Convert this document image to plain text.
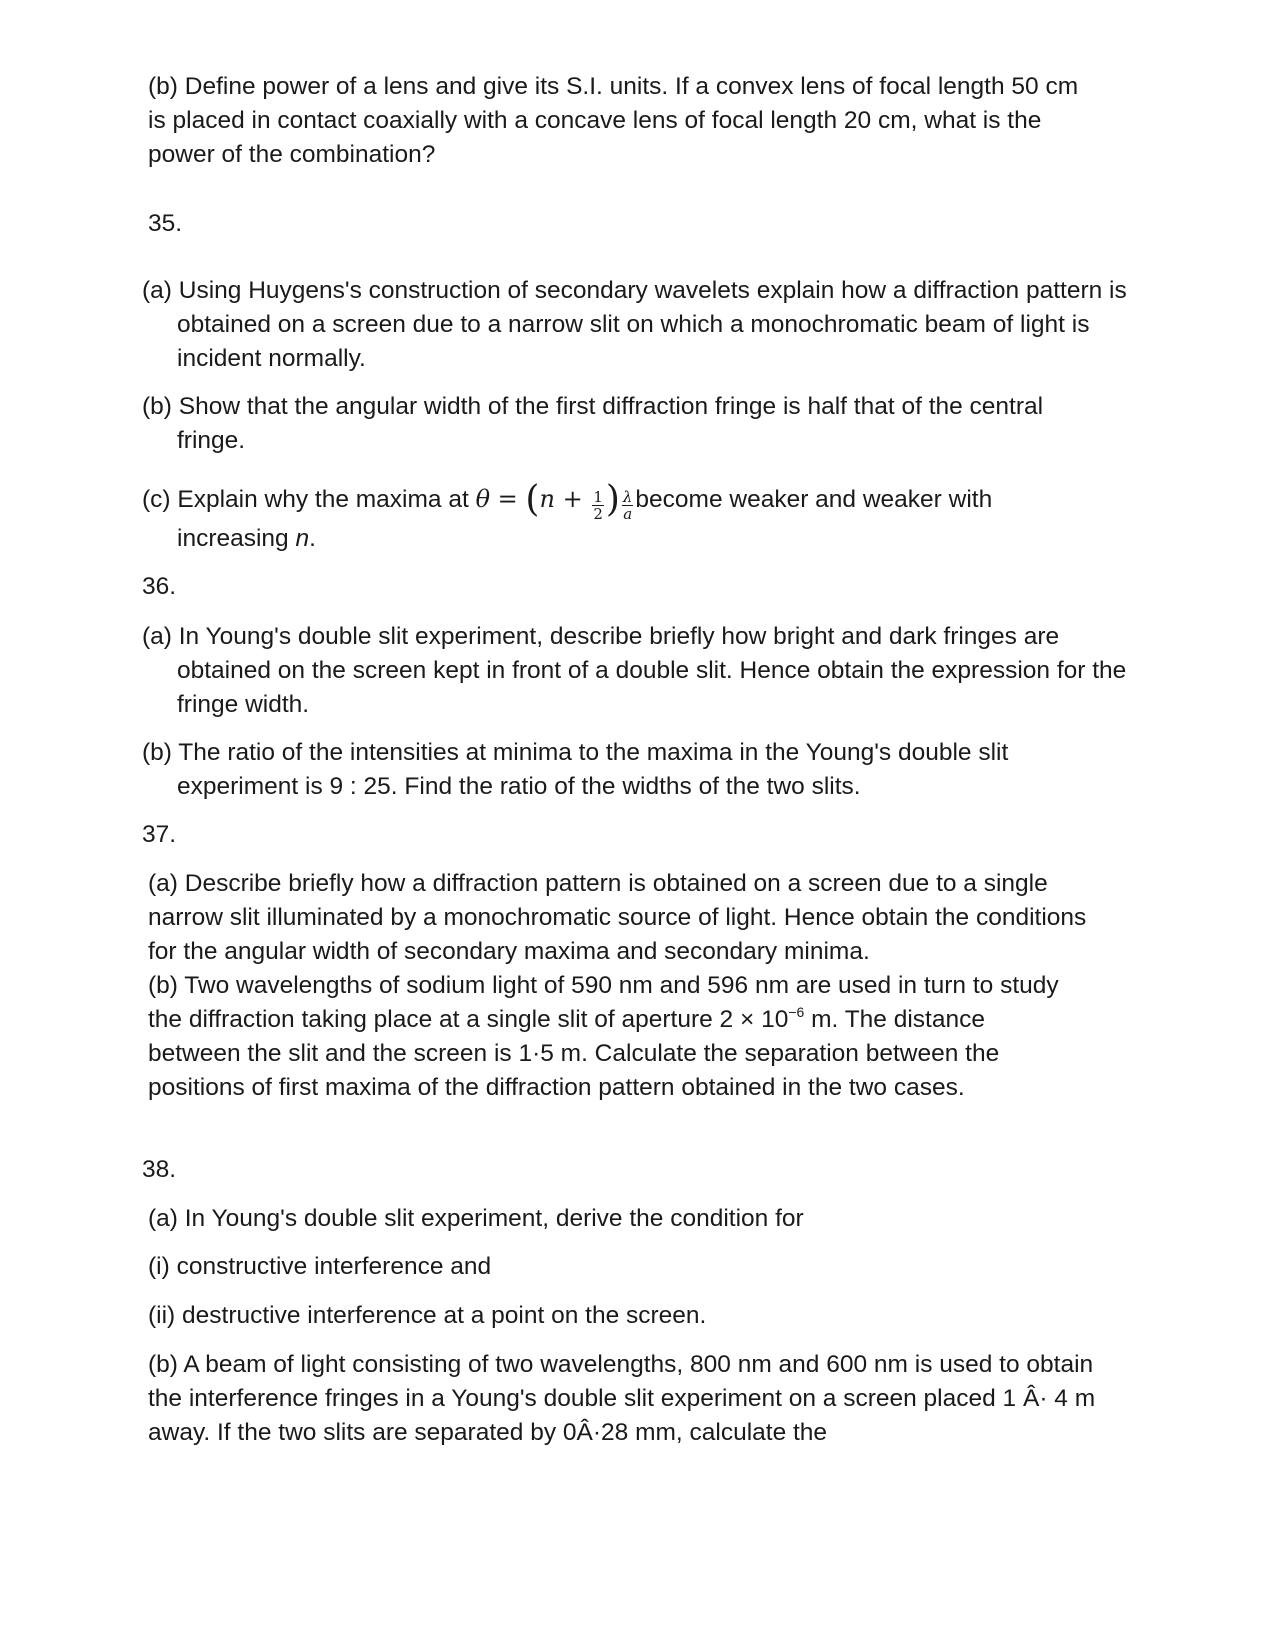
(b) Define power of a lens and give its S.I. units. If a convex lens of focal length 50 cm is placed in contact coaxially with a concave lens of focal length 20 cm, what is the power of the combination?

35.

(a) Using Huygens's construction of secondary wavelets explain how a diffraction pattern is obtained on a screen due to a narrow slit on which a monochromatic beam of light is incident normally.

(b) Show that the angular width of the first diffraction fringe is half that of the central fringe.

(c) Explain why the maxima at $\theta = (n + \frac{1}{2}$ ) $\frac{\lambda}{a}$ become weaker and weaker with
increasing n.

36.

(a) In Young's double slit experiment, describe briefly how bright and dark fringes are obtained on the screen kept in front of a double slit. Hence obtain the expression for the fringe width.

(b) The ratio of the intensities at minima to the maxima in the Young's double slit experiment is 9 : 25. Find the ratio of the widths of the two slits.

37.

(a) Describe briefly how a diffraction pattern is obtained on a screen due to a single narrow slit illuminated by a monochromatic source of light. Hence obtain the conditions for the angular width of secondary maxima and secondary minima.

(b) Two wavelengths of sodium light of 590 nm and 596 nm are used in turn to study the diffraction taking place at a single slit of aperture $2 \times 10^{-6}$ m. The distance between the slit and the screen is 1·5 m. Calculate the separation between the positions of first maxima of the diffraction pattern obtained in the two cases.

38.

(a) In Young's double slit experiment, derive the condition for

(i) constructive interference and

(ii) destructive interference at a point on the screen.

(b) A beam of light consisting of two wavelengths, 800 nm and 600 nm is used to obtain the interference fringes in a Young's double slit experiment on a screen placed 1 Â· 4 m away. If the two slits are separated by 0Â·28 mm, calculate the
